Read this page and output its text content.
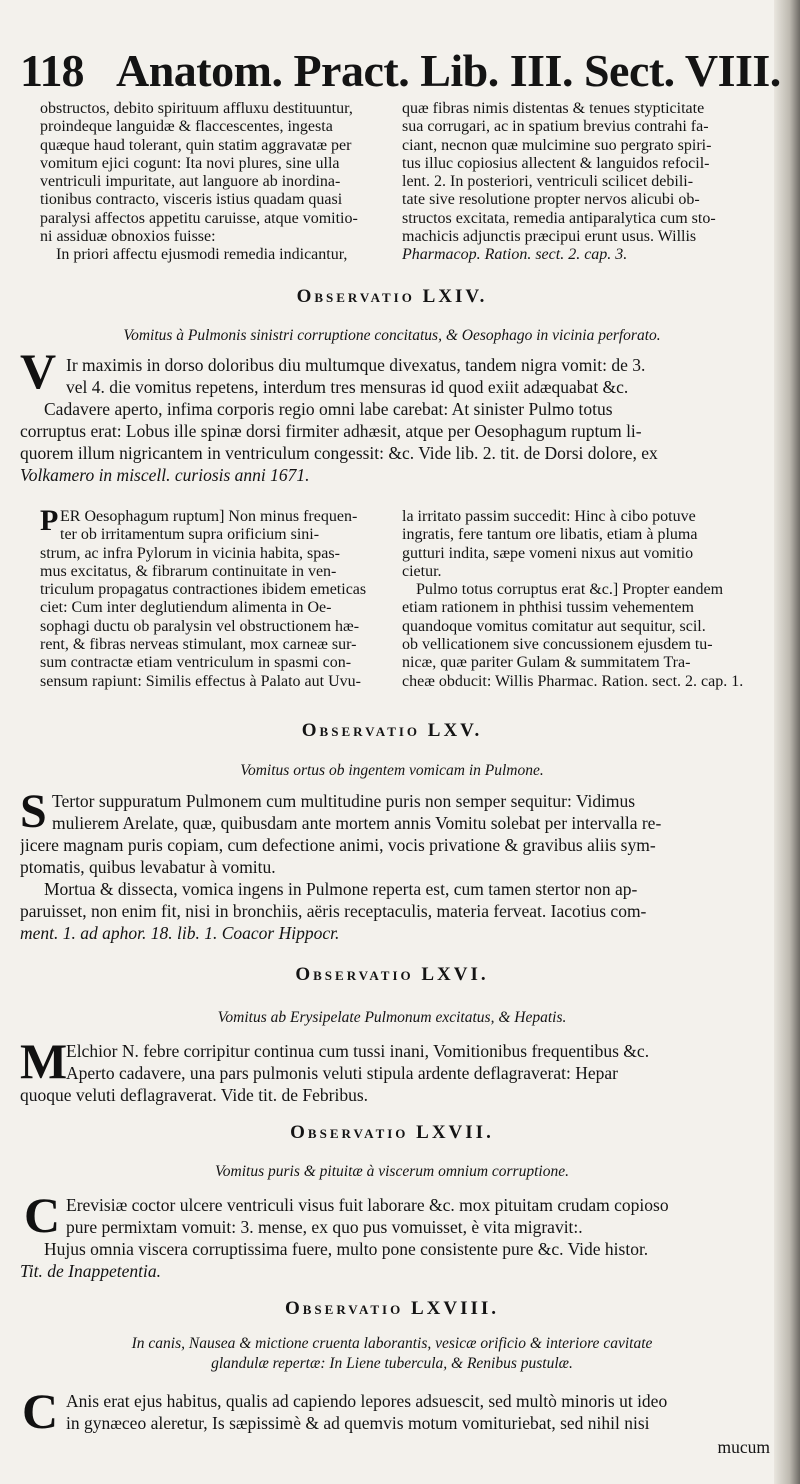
118 Anatom. Pract. Lib. III. Sect. VIII.
obstructos, debito spirituum affluxu destituuntur,
proindeque languidæ & flaccescentes, ingesta
quæque haud tolerant, quin statim aggravatæ per
vomitum ejici cogunt: Ita novi plures, sine ulla
ventriculi impuritate, aut languore ab inordina-
tionibus contracto, visceris istius quadam quasi
paralysi affectos appetitu caruisse, atque vomitio-
ni assiduæ obnoxios fuisse:
In priori affectu ejusmodi remedia indicantur,
quæ fibras nimis distentas & tenues stypticitate
sua corrugari, ac in spatium brevius contrahi fa-
ciant, necnon quæ mulcimine suo pergrato spiri-
tus illuc copiosius allectent & languidos refocil-
lent. 2. In posteriori, ventriculi scilicet debili-
tate sive resolutione propter nervos alicubi ob-
structos excitata, remedia antiparalytica cum sto-
machicis adjunctis præcipui erunt usus. Willis
Pharmacop. Ration. sect. 2. cap. 3.
Observatio LXIV.
Vomitus à Pulmonis sinistri corruptione concitatus, & Oesophago in vicinia perforato.
V Ir maximis in dorso doloribus diu multumque divexatus, tandem nigra vomit: de 3.
vel 4. die vomitus repetens, interdum tres mensuras id quod exiit adæquabat &c.
Cadavere aperto, infima corporis regio omni labe carebat: At sinister Pulmo totus
corruptus erat: Lobus ille spinæ dorsi firmiter adhæsit, atque per Oesophagum ruptum li-
quorem illum nigricantem in ventriculum congessit: &c. Vide lib. 2. tit. de Dorsi dolore, ex
Volkamero in miscell. curiosis anni 1671.
P ER Oesophagum ruptum] Non minus frequen-
ter ob irritamentum supra orificium sini-
strum, ac infra Pylorum in vicinia habita, spas-
mus excitatus, & fibrarum continuitate in ven-
triculum propagatus contractiones ibidem emeticas
ciet: Cum inter deglutiendum alimenta in Oe-
sophagi ductu ob paralysin vel obstructionem hæ-
rent, & fibras nerveas stimulant, mox carneæ sur-
sum contractæ etiam ventriculum in spasmi con-
sensum rapiunt: Similis effectus à Palato aut Uvu-
la irritato passim succedit: Hinc à cibo potuve
ingratis, fere tantum ore libatis, etiam à pluma
gutturi indita, sæpe vomeni nixus aut vomitio
cietur.
Pulmo totus corruptus erat &c.] Propter eandem
etiam rationem in phthisi tussim vehementem
quandoque vomitus comitatur aut sequitur, scil.
ob vellicationem sive concussionem ejusdem tu-
nicæ, quæ pariter Gulam & summitatem Tra-
cheæ obducit: Willis Pharmac. Ration. sect. 2. cap. 1.
Observatio LXV.
Vomitus ortus ob ingentem vomicam in Pulmone.
S Tertor suppuratum Pulmonem cum multitudine puris non semper sequitur: Vidimus
mulierem Arelate, quæ, quibusdam ante mortem annis Vomitu solebat per intervalla re-
jicere magnam puris copiam, cum defectione animi, vocis privatione & gravibus aliis sym-
ptomatis, quibus levabatur à vomitu.
Mortua & dissecta, vomica ingens in Pulmone reperta est, cum tamen stertor non ap-
paruisset, non enim fit, nisi in bronchiis, aëris receptaculis, materia ferveat. Iacotius com-
ment. 1. ad aphor. 18. lib. 1. Coacor Hippocr.
Observatio LXVI.
Vomitus ab Erysipelate Pulmonum excitatus, & Hepatis.
M
Elchior N. febre corripitur continua cum tussi inani, Vomitionibus frequentibus &c.
Aperto cadavere, una pars pulmonis veluti stipula ardente deflagraverat: Hepar
quoque veluti deflagraverat. Vide tit. de Febribus.
Observatio LXVII.
Vomitus puris & pituitæ à viscerum omnium corruptione.
C Erevisiæ coctor ulcere ventriculi visus fuit laborare &c. mox pituitam crudam copioso
pure permixtam vomuit: 3. mense, ex quo pus vomuisset, è vita migravit:.
Hujus omnia viscera corruptissima fuere, multo pone consistente pure &c. Vide histor.
Tit. de Inappetentia.
Observatio LXVIII.
In canis, Nausea & mictione cruenta laborantis, vesicæ orificio & interiore cavitate
glandulæ repertæ: In Liene tubercula, & Renibus pustulæ.
C Anis erat ejus habitus, qualis ad capiendo lepores adsuescit, sed multò minoris ut ideo
in gynæceo aleretur, Is sæpissimè & ad quemvis motum vomituriebat, sed nihil nisi
mucum
